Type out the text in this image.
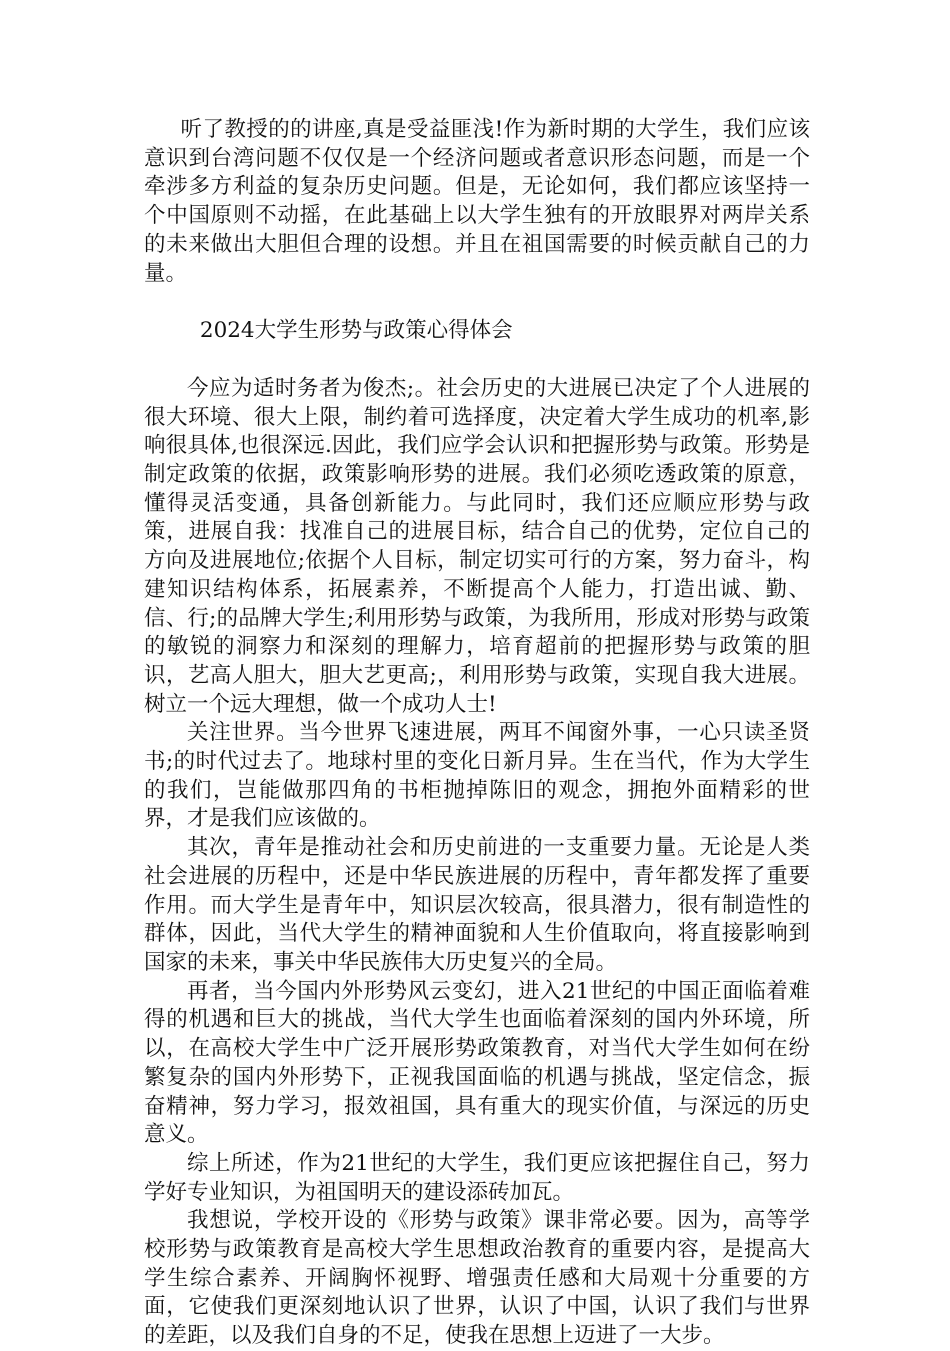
听了教授的的讲座,真是受益匪浅!作为新时期的大学生，我们应该意识到台湾问题不仅仅是一个经济问题或者意识形态问题，而是一个牵涉多方利益的复杂历史问题。但是，无论如何，我们都应该坚持一个中国原则不动摇，在此基础上以大学生独有的开放眼界对两岸关系的未来做出大胆但合理的设想。并且在祖国需要的时候贡献自己的力量。

2024大学生形势与政策心得体会

今应为适时务者为俊杰;。社会历史的大进展已决定了个人进展的很大环境、很大上限，制约着可选择度，决定着大学生成功的机率,影响很具体,也很深远.因此，我们应学会认识和把握形势与政策。形势是制定政策的依据，政策影响形势的进展。我们必须吃透政策的原意，懂得灵活变通，具备创新能力。与此同时，我们还应顺应形势与政策，进展自我：找准自己的进展目标，结合自己的优势，定位自己的方向及进展地位;依据个人目标，制定切实可行的方案，努力奋斗，构建知识结构体系，拓展素养，不断提高个人能力，打造出诚、勤、信、行;的品牌大学生;利用形势与政策，为我所用，形成对形势与政策的敏锐的洞察力和深刻的理解力，培育超前的把握形势与政策的胆识，艺高人胆大，胆大艺更高;，利用形势与政策，实现自我大进展。树立一个远大理想，做一个成功人士!

关注世界。当今世界飞速进展，两耳不闻窗外事，一心只读圣贤书;的时代过去了。地球村里的变化日新月异。生在当代，作为大学生的我们，岂能做那四角的书柜抛掉陈旧的观念，拥抱外面精彩的世界，才是我们应该做的。

其次，青年是推动社会和历史前进的一支重要力量。无论是人类社会进展的历程中，还是中华民族进展的历程中，青年都发挥了重要作用。而大学生是青年中，知识层次较高，很具潜力，很有制造性的群体，因此，当代大学生的精神面貌和人生价值取向，将直接影响到国家的未来，事关中华民族伟大历史复兴的全局。

再者，当今国内外形势风云变幻，进入21世纪的中国正面临着难得的机遇和巨大的挑战，当代大学生也面临着深刻的国内外环境，所以，在高校大学生中广泛开展形势政策教育，对当代大学生如何在纷繁复杂的国内外形势下，正视我国面临的机遇与挑战，坚定信念，振奋精神，努力学习，报效祖国，具有重大的现实价值，与深远的历史意义。

综上所述，作为21世纪的大学生，我们更应该把握住自己，努力学好专业知识，为祖国明天的建设添砖加瓦。

我想说，学校开设的《形势与政策》课非常必要。因为，高等学校形势与政策教育是高校大学生思想政治教育的重要内容，是提高大学生综合素养、开阔胸怀视野、增强责任感和大局观十分重要的方面，它使我们更深刻地认识了世界，认识了中国，认识了我们与世界的差距，以及我们自身的不足，使我在思想上迈进了一大步。
